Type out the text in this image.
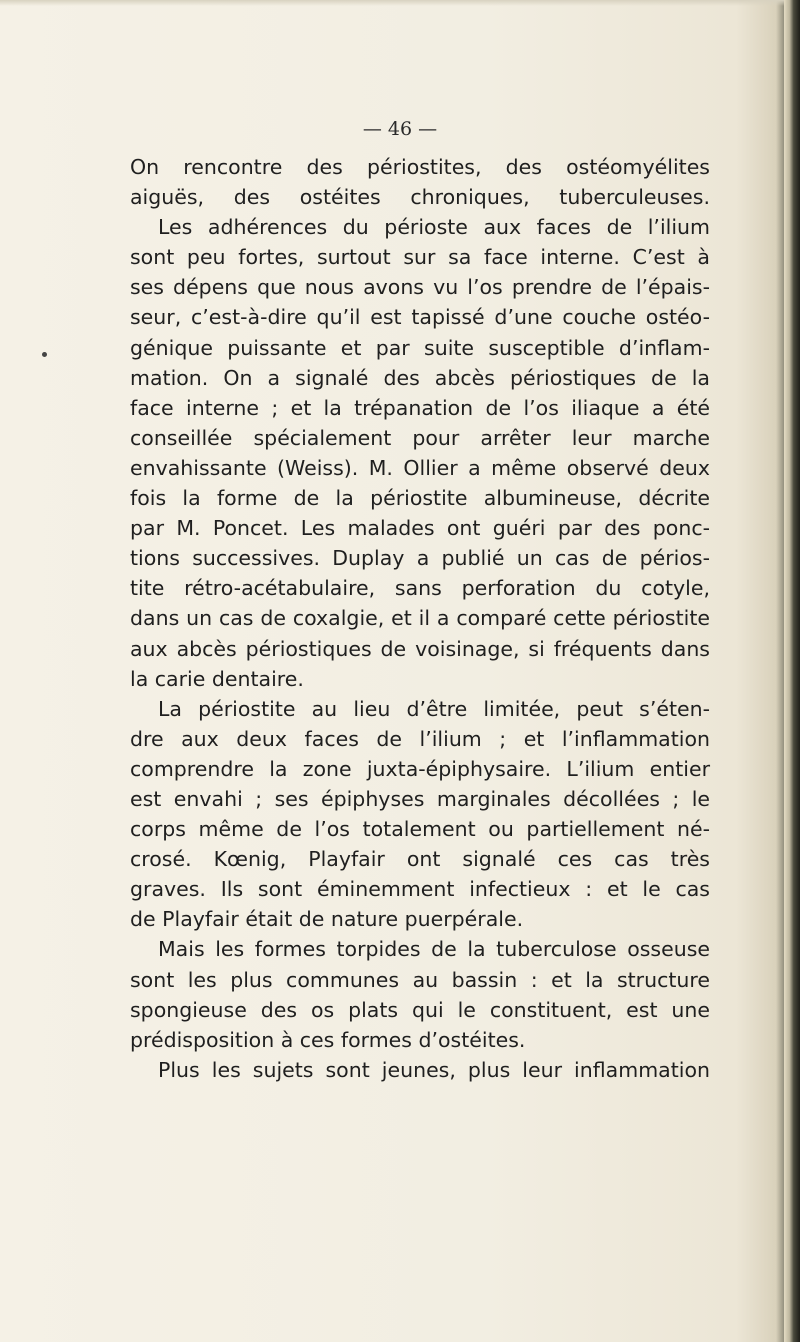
— 46 —
On rencontre des périostites, des ostéomyélites
aiguës, des ostéites chroniques, tuberculeuses.
Les adhérences du périoste aux faces de l’ilium
sont peu fortes, surtout sur sa face interne. C’est à
ses dépens que nous avons vu l’os prendre de l’épais-
seur, c’est-à-dire qu’il est tapissé d’une couche ostéo-
génique puissante et par suite susceptible d’inflam-
mation. On a signalé des abcès périostiques de la
face interne ; et la trépanation de l’os iliaque a été
conseillée spécialement pour arrêter leur marche
envahissante (Weiss). M. Ollier a même observé deux
fois la forme de la périostite albumineuse, décrite
par M. Poncet. Les malades ont guéri par des ponc-
tions successives. Duplay a publié un cas de périos-
tite rétro-acétabulaire, sans perforation du cotyle,
dans un cas de coxalgie, et il a comparé cette périostite
aux abcès périostiques de voisinage, si fréquents dans
la carie dentaire.
La périostite au lieu d’être limitée, peut s’éten-
dre aux deux faces de l’ilium ; et l’inflammation
comprendre la zone juxta-épiphysaire. L’ilium entier
est envahi ; ses épiphyses marginales décollées ; le
corps même de l’os totalement ou partiellement né-
crosé. Kœnig, Playfair ont signalé ces cas très
graves. Ils sont éminemment infectieux : et le cas
de Playfair était de nature puerpérale.
Mais les formes torpides de la tuberculose osseuse
sont les plus communes au bassin : et la structure
spongieuse des os plats qui le constituent, est une
prédisposition à ces formes d’ostéites.
Plus les sujets sont jeunes, plus leur inflammation
